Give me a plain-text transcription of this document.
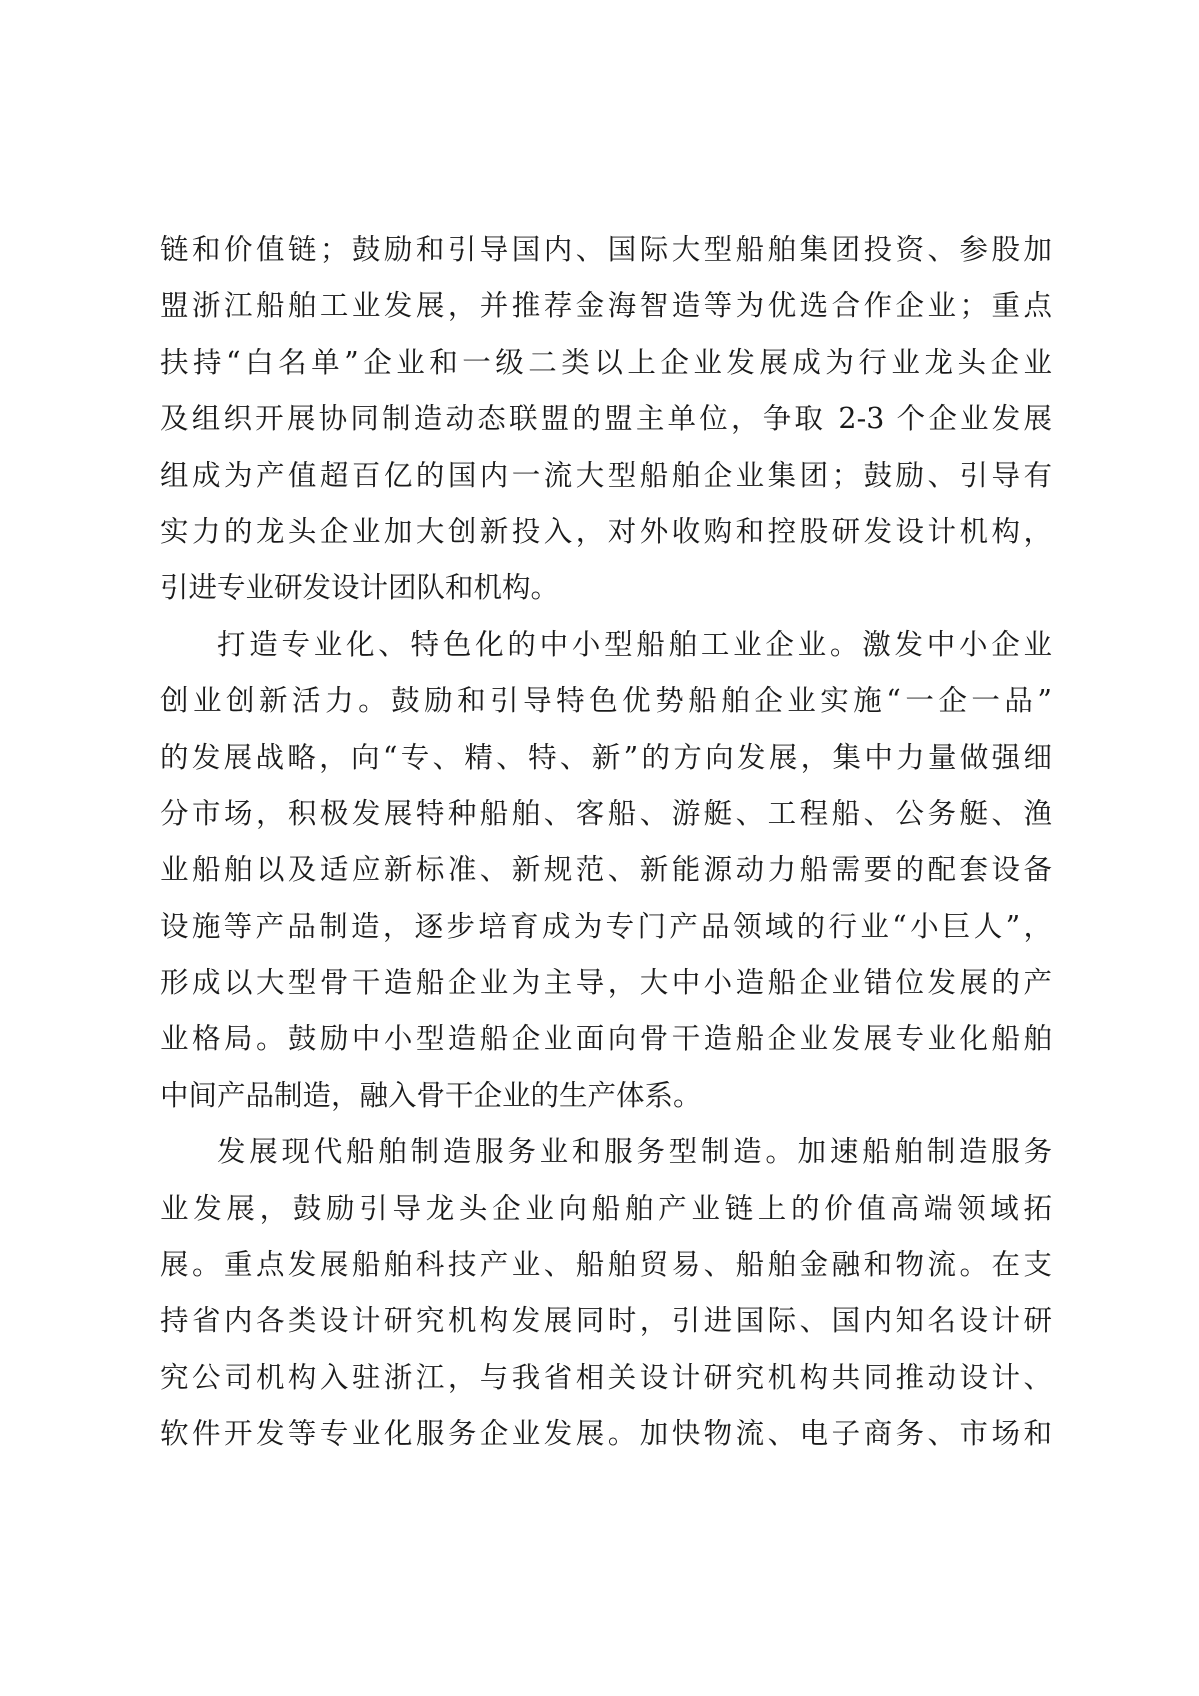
链和价值链；鼓励和引导国内、国际大型船舶集团投资、参股加
盟浙江船舶工业发展，并推荐金海智造等为优选合作企业；重点
扶持“白名单”企业和一级二类以上企业发展成为行业龙头企业
及组织开展协同制造动态联盟的盟主单位，争取 2-3 个企业发展
组成为产值超百亿的国内一流大型船舶企业集团；鼓励、引导有
实力的龙头企业加大创新投入，对外收购和控股研发设计机构，
引进专业研发设计团队和机构。
打造专业化、特色化的中小型船舶工业企业。激发中小企业
创业创新活力。鼓励和引导特色优势船舶企业实施“一企一品”
的发展战略，向“专、精、特、新”的方向发展，集中力量做强细
分市场，积极发展特种船舶、客船、游艇、工程船、公务艇、渔
业船舶以及适应新标准、新规范、新能源动力船需要的配套设备
设施等产品制造，逐步培育成为专门产品领域的行业“小巨人”，
形成以大型骨干造船企业为主导，大中小造船企业错位发展的产
业格局。鼓励中小型造船企业面向骨干造船企业发展专业化船舶
中间产品制造，融入骨干企业的生产体系。
发展现代船舶制造服务业和服务型制造。加速船舶制造服务
业发展，鼓励引导龙头企业向船舶产业链上的价值高端领域拓
展。重点发展船舶科技产业、船舶贸易、船舶金融和物流。在支
持省内各类设计研究机构发展同时，引进国际、国内知名设计研
究公司机构入驻浙江，与我省相关设计研究机构共同推动设计、
软件开发等专业化服务企业发展。加快物流、电子商务、市场和
